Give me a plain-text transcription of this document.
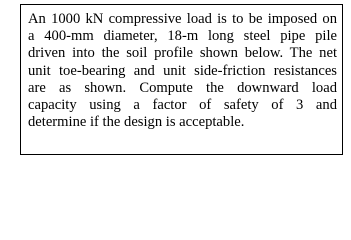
An 1000 kN compressive load is to be imposed on
a 400-mm diameter, 18-m long steel pipe pile
driven into the soil profile shown below. The net
unit toe-bearing and unit side-friction resistances
are as shown. Compute the downward load
capacity using a factor of safety of 3 and
determine if the design is acceptable.
